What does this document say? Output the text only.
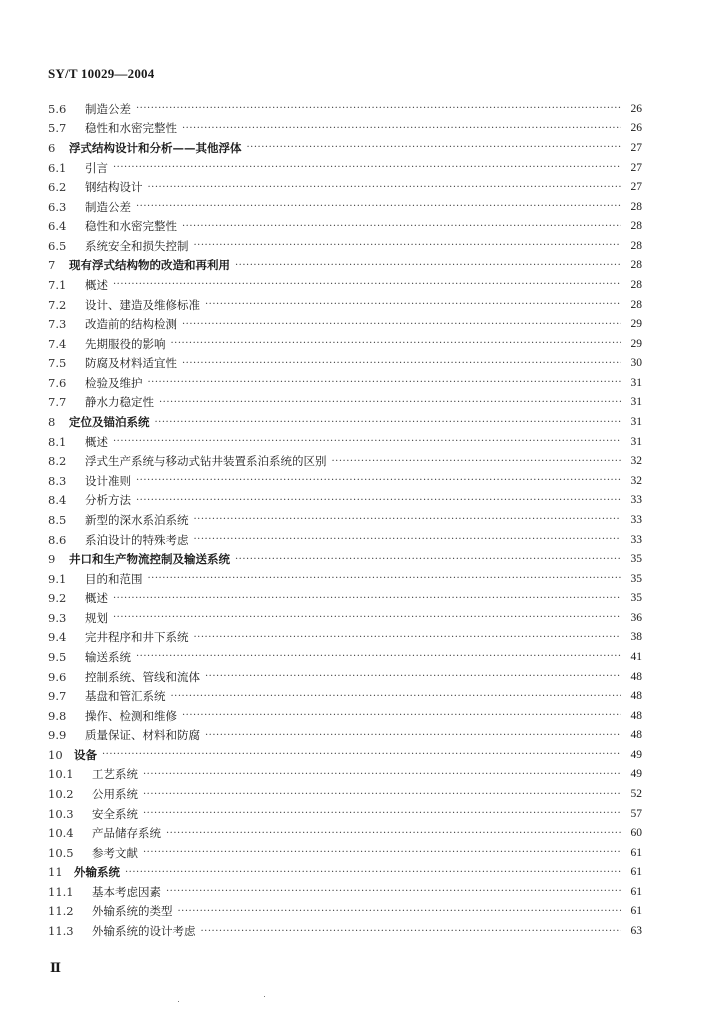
SY/T 10029—2004
5.6	制造公差 ·····	26
5.7	稳性和水密完整性 ·····	26
6	浮式结构设计和分析——其他浮体 ·····	27
6.1	引言 ·····	27
6.2	钢结构设计 ·····	27
6.3	制造公差 ·····	28
6.4	稳性和水密完整性 ·····	28
6.5	系统安全和损失控制 ·····	28
7	现有浮式结构物的改造和再利用 ·····	28
7.1	概述 ·····	28
7.2	设计、建造及维修标准 ·····	28
7.3	改造前的结构检测 ·····	29
7.4	先期服役的影响 ·····	29
7.5	防腐及材料适宜性 ·····	30
7.6	检验及维护 ·····	31
7.7	静水力稳定性 ·····	31
8	定位及锚泊系统 ·····	31
8.1	概述 ·····	31
8.2	浮式生产系统与移动式钻井装置系泊系统的区别 ·····	32
8.3	设计准则 ·····	32
8.4	分析方法 ·····	33
8.5	新型的深水系泊系统 ·····	33
8.6	系泊设计的特殊考虑 ·····	33
9	井口和生产物流控制及输送系统 ·····	35
9.1	目的和范围 ·····	35
9.2	概述 ·····	35
9.3	规划 ·····	36
9.4	完井程序和井下系统 ·····	38
9.5	输送系统 ·····	41
9.6	控制系统、管线和流体 ·····	48
9.7	基盘和管汇系统 ·····	48
9.8	操作、检测和维修 ·····	48
9.9	质量保证、材料和防腐 ·····	48
10 设备 ·····	49
10.1	工艺系统 ·····	49
10.2	公用系统 ·····	52
10.3	安全系统 ·····	57
10.4	产品储存系统 ·····	60
10.5	参考文献 ·····	61
11 外输系统 ·····	61
11.1	基本考虑因素 ·····	61
11.2	外输系统的类型 ·····	61
11.3	外输系统的设计考虑 ·····	63
Ⅱ
